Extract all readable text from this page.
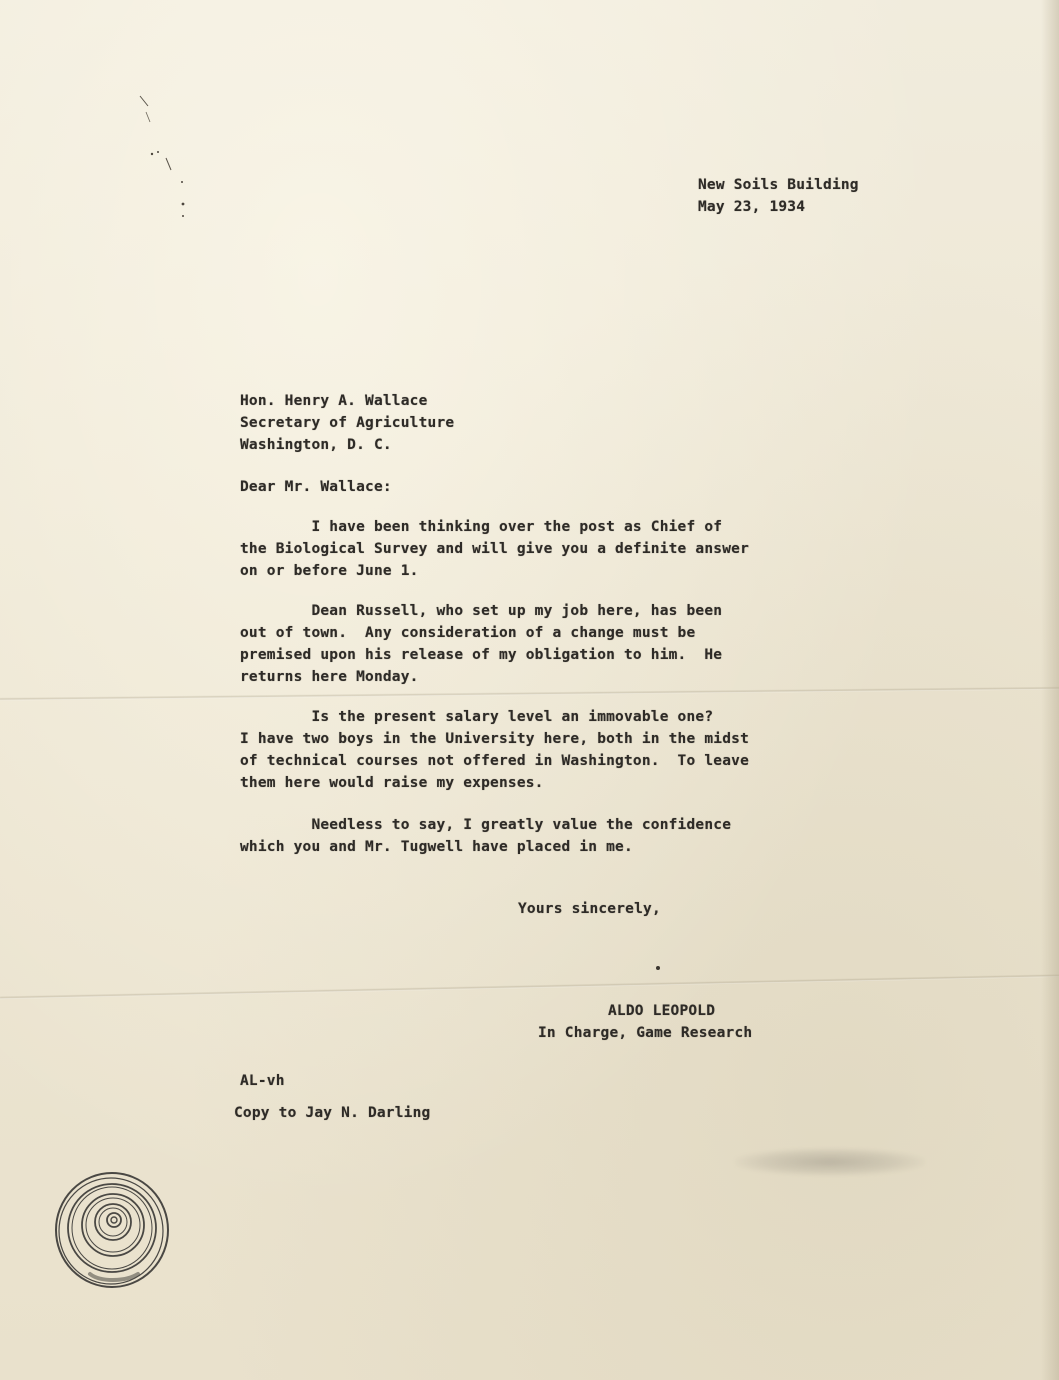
New Soils Building

May 23, 1934

Hon. Henry A. Wallace

Secretary of Agriculture

Washington, D. C.

Dear Mr. Wallace:

I have been thinking over the post as Chief of
the Biological Survey and will give you a definite answer
on or before June 1.

Dean Russell, who set up my job here, has been
out of town.  Any consideration of a change must be
premised upon his release of my obligation to him.  He
returns here Monday.

Is the present salary level an immovable one?
I have two boys in the University here, both in the midst
of technical courses not offered in Washington.  To leave
them here would raise my expenses.

Needless to say, I greatly value the confidence
which you and Mr. Tugwell have placed in me.

Yours sincerely,

ALDO LEOPOLD

In Charge, Game Research

AL-vh

Copy to Jay N. Darling
